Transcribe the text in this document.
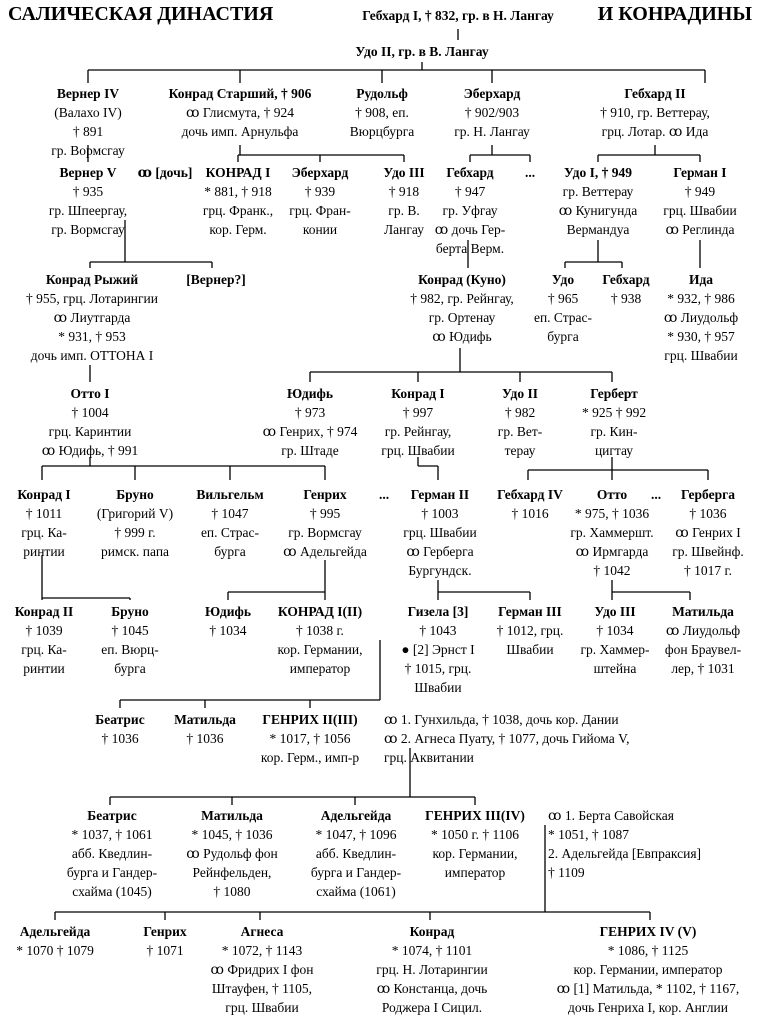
САЛИЧЕСКАЯ ДИНАСТИЯ	И КОНРАДИНЫ
Гебхард I, † 832, гр. в Н. Лангау
Удо II, гр. в В. Лангау
Вернер IV
(Валахо IV)
† 891
гр. Вормсгау
Конрад Старший, † 906
ꝏ Глисмута, † 924
дочь имп. Арнульфа
Рудольф
† 908, еп.
Вюрцбурга
Эберхард
† 902/903
гр. Н. Лангау
Гебхард II
† 910, гр. Веттерау,
грц. Лотар. ꝏ Ида
Вернер V
† 935
гр. Шпеергау,
гр. Вормсгау
ꝏ [дочь] КОНРАД I
* 881, † 918
грц. Франк.,
кор. Герм.
Эберхард
† 939
грц. Фран-
конии
Удо III
† 918
гр. В.
Лангау
Гебхард
† 947
гр. Уфгау
ꝏ дочь Гер-
берта Верм.
...	Удо I, † 949
гр. Веттерау
ꝏ Кунигунда
Вермандуа
Герман I
† 949
грц. Швабии
ꝏ Реглинда
Конрад Рыжий
† 955, грц. Лотарингии
ꝏ Лиутгарда
* 931, † 953
дочь имп. ОТТОНА I
[Вернер?]	Конрад (Куно)
† 982, гр. Рейнгау,
гр. Ортенау
ꝏ Юдифь
Удо
† 965
еп. Страс-
бурга
Гебхард
† 938
Ида
* 932, † 986
ꝏ Лиудольф
* 930, † 957
грц. Швабии
Отто I
† 1004
грц. Каринтии
ꝏ Юдифь, † 991
Юдифь
† 973
ꝏ Генрих, † 974
гр. Штаде
Конрад I
† 997
гр. Рейнгау,
грц. Швабии
Удо II
† 982
гр. Вет-
терау
Герберт
* 925 † 992
гр. Кин-
цигтау
Конрад I
† 1011
грц. Ка-
ринтии
Бруно
(Григорий V)
† 999 г.
римск. папа
Вильгельм
† 1047
еп. Страс-
бурга
Генрих
† 995
гр. Вормсгау
ꝏ Адельгейда
...	Герман II
† 1003
грц. Швабии
ꝏ Герберга
Бургундск.
Гебхард IV
† 1016
Отто
* 975, † 1036
гр. Хаммершт.
ꝏ Ирмгарда
† 1042
...	Герберга
† 1036
ꝏ Генрих I
гр. Швейнф.
† 1017 г.
Конрад II
† 1039
грц. Ка-
ринтии
Бруно
† 1045
еп. Вюрц-
бурга
Юдифь
† 1034
КОНРАД I(II)
† 1038 г.
кор. Германии,
император
Гизела [3]
† 1043
● [2] Эрнст I
† 1015, грц.
Швабии
Герман III
† 1012, грц.
Швабии
Удо III
† 1034
гр. Хаммер-
штейна
Матильда
ꝏ Лиудольф
фон Браувел-
лер, † 1031
Беатрис
† 1036
Матильда
† 1036
ГЕНРИХ II(III)
* 1017, † 1056
кор. Герм., имп-р
ꝏ 1. Гунхильда, † 1038, дочь кор. Дании
ꝏ 2. Агнеса Пуату, † 1077, дочь Гийома V,
грц. Аквитании
Беатрис
* 1037, † 1061
абб. Кведлин-
бурга и Гандер-
схайма (1045)
Матильда
* 1045, † 1036
ꝏ Рудольф фон
Рейнфельден,
† 1080
Адельгейда
* 1047, † 1096
абб. Кведлин-
бурга и Гандер-
схайма (1061)
ГЕНРИХ III(IV)
* 1050 г. † 1106
кор. Германии,
император
ꝏ 1. Берта Савойская
* 1051, † 1087
2. Адельгейда [Евпраксия]
† 1109
Адельгейда
* 1070 † 1079
Генрих
† 1071
Агнеса
* 1072, † 1143
ꝏ Фридрих I фон
Штауфен, † 1105,
грц. Швабии
Конрад
* 1074, † 1101
грц. Н. Лотарингии
ꝏ Констанца, дочь
Роджера I Сицил.
ГЕНРИХ IV (V)
* 1086, † 1125
кор. Германии, император
ꝏ [1] Матильда, * 1102, † 1167,
дочь Генриха I, кор. Англии
